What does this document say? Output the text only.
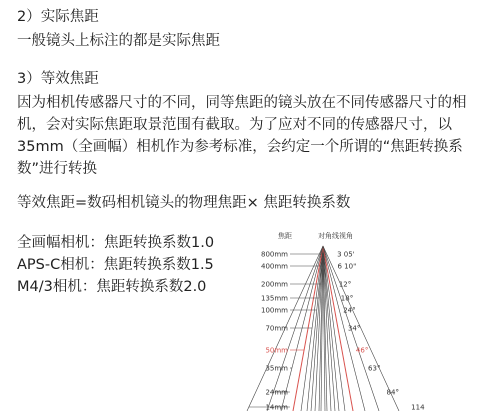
2）实际焦距
一般镜头上标注的都是实际焦距
3）等效焦距
因为相机传感器尺寸的不同，同等焦距的镜头放在不同传感器尺寸的相
机，会对实际焦距取景范围有截取。为了应对不同的传感器尺寸，以
35mm（全画幅）相机作为参考标准，会约定一个所谓的“焦距转换系
数”进行转换
等效焦距=数码相机镜头的物理焦距× 焦距转换系数
全画幅相机：焦距转换系数1.0
APS-C相机：焦距转换系数1.5
M4/3相机：焦距转换系数2.0
焦距	对角线视角
800mm	3 05'
400mm	6 10"
200mm	12°
135mm	18°
100mm	24°
70mm	34°
50mm	46°
35mm	63°
24mm	84°
14mm	114
